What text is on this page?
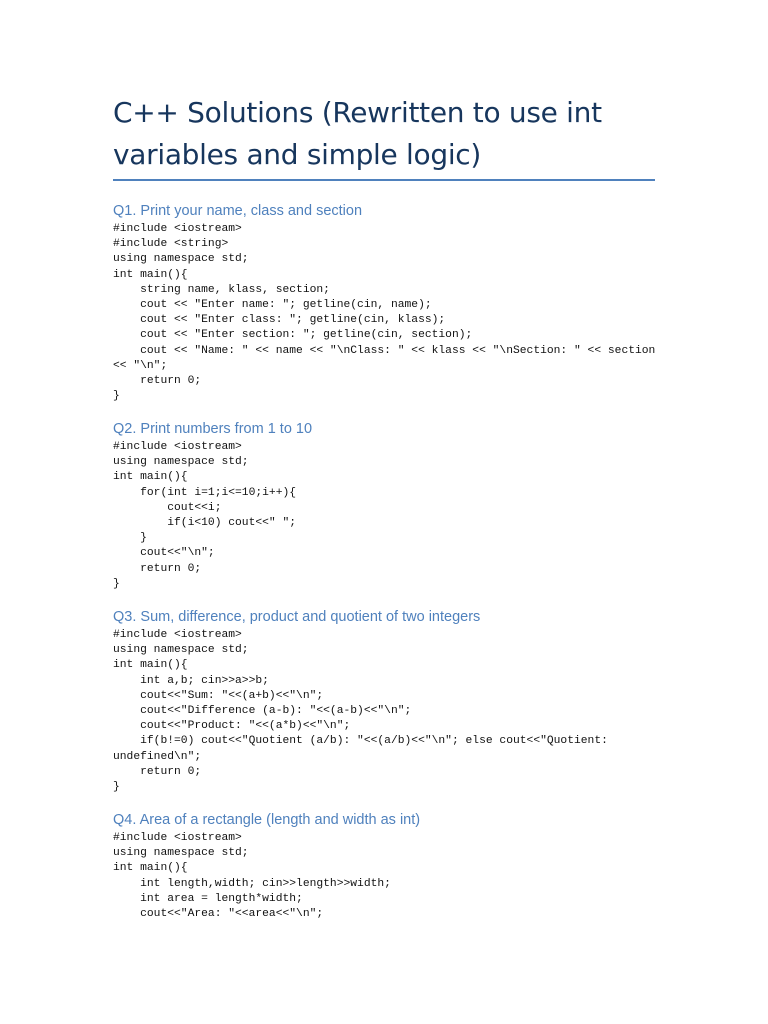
C++ Solutions (Rewritten to use int variables and simple logic)
Q1. Print your name, class and section
#include <iostream>
#include <string>
using namespace std;
int main(){
string name, klass, section;
cout << "Enter name: "; getline(cin, name);
cout << "Enter class: "; getline(cin, klass);
cout << "Enter section: "; getline(cin, section);
cout << "Name: " << name << "\nClass: " << klass << "\nSection: " << section
<< "\n";
return 0;
}
Q2. Print numbers from 1 to 10
#include <iostream>
using namespace std;
int main(){
for(int i=1;i<=10;i++){
cout<<i;
if(i<10) cout<<" ";
}
cout<<"\n";
return 0;
}
Q3. Sum, difference, product and quotient of two integers
#include <iostream>
using namespace std;
int main(){
int a,b; cin>>a>>b;
cout<<"Sum: "<<(a+b)<<"\n";
cout<<"Difference (a-b): "<<(a-b)<<"\n";
cout<<"Product: "<<(a*b)<<"\n";
if(b!=0) cout<<"Quotient (a/b): "<<(a/b)<<"\n"; else cout<<"Quotient:
undefined\n";
return 0;
}
Q4. Area of a rectangle (length and width as int)
#include <iostream>
using namespace std;
int main(){
int length,width; cin>>length>>width;
int area = length*width;
cout<<"Area: "<<area<<"\n";
